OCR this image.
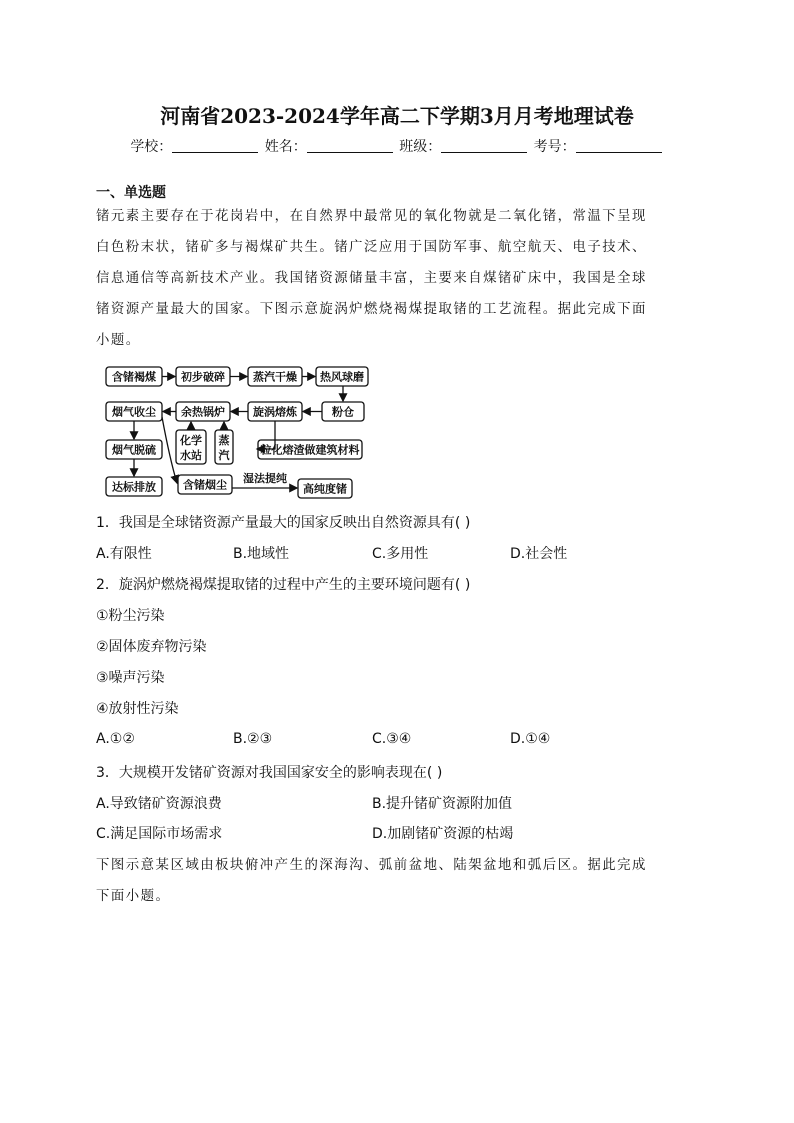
河南省2023-2024学年高二下学期3月月考地理试卷
学校：	姓名：	班级：	考号：
一、单选题
锗元素主要存在于花岗岩中，在自然界中最常见的氧化物就是二氧化锗，常温下呈现
白色粉末状，锗矿多与褐煤矿共生。锗广泛应用于国防军事、航空航天、电子技术、
信息通信等高新技术产业。我国锗资源储量丰富，主要来自煤锗矿床中，我国是全球
锗资源产量最大的国家。下图示意旋涡炉燃烧褐煤提取锗的工艺流程。据此完成下面
小题。
含锗褐煤 初步破碎	蒸汽干燥 热风球磨
粉仓
旋涡熔炼
余热锅炉
烟气收尘
烟气脱硫
达标排放
化学
水站
蒸
汽	粒化熔渣做建筑材料
含锗烟尘	高纯度锗
湿法提纯
1．我国是全球锗资源产量最大的国家反映出自然资源具有( )
A.有限性	B.地域性	C.多用性	D.社会性
2．旋涡炉燃烧褐煤提取锗的过程中产生的主要环境问题有( )
①粉尘污染
②固体废弃物污染
③噪声污染
④放射性污染
A.①②	B.②③	C.③④	D.①④
3．大规模开发锗矿资源对我国国家安全的影响表现在( )
A.导致锗矿资源浪费	B.提升锗矿资源附加值
C.满足国际市场需求	D.加剧锗矿资源的枯竭
下图示意某区域由板块俯冲产生的深海沟、弧前盆地、陆架盆地和弧后区。据此完成
下面小题。
